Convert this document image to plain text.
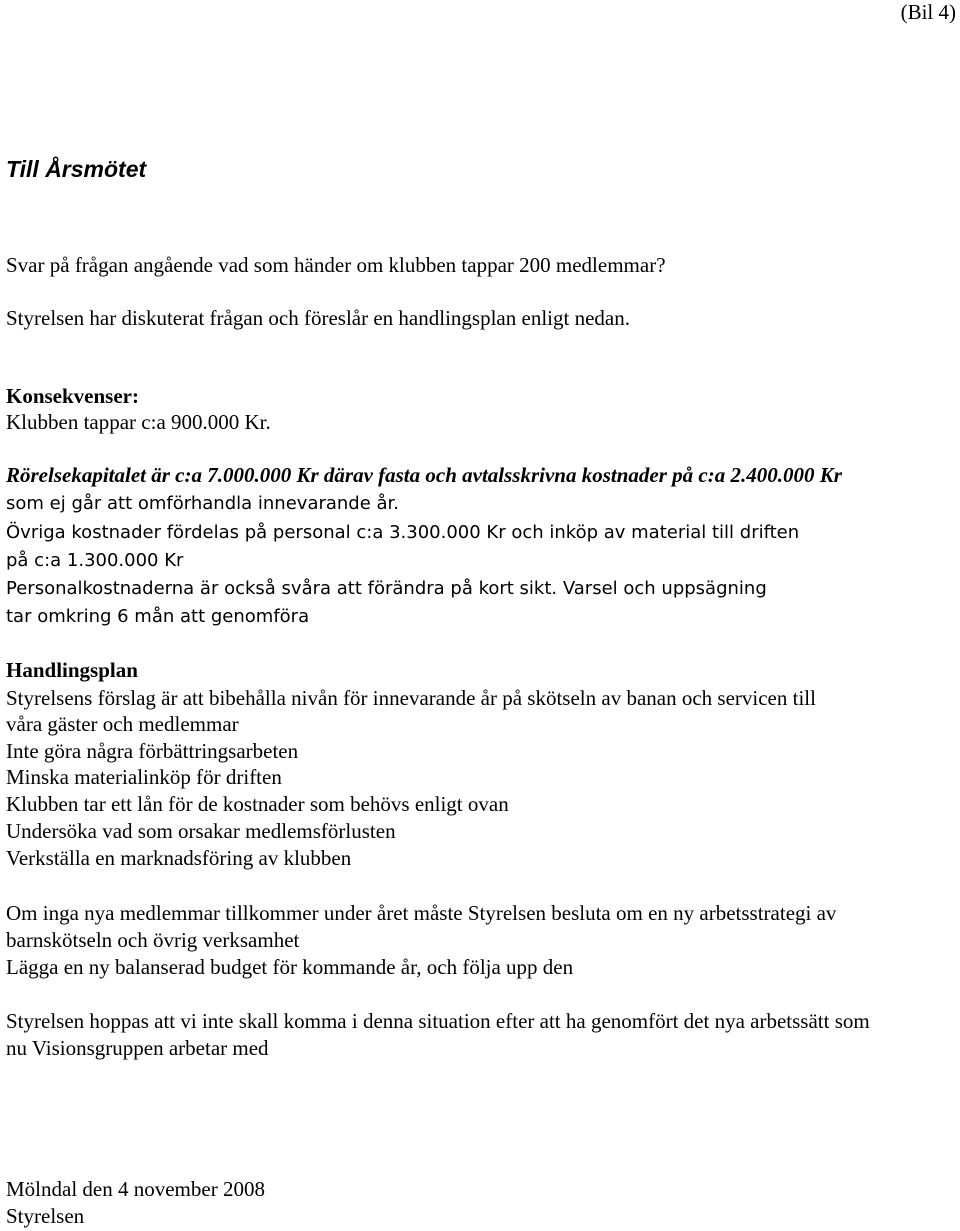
(Bil 4)
Till Årsmötet
Svar på frågan angående vad som händer om klubben tappar 200 medlemmar?
Styrelsen har diskuterat frågan och föreslår en handlingsplan enligt nedan.
Konsekvenser:
Klubben tappar c:a 900.000 Kr.
Rörelsekapitalet är c:a 7.000.000 Kr därav fasta och avtalsskrivna kostnader på c:a 2.400.000 Kr
som ej går att omförhandla innevarande år.
Övriga kostnader fördelas på personal c:a 3.300.000 Kr och inköp av material till driften
på c:a 1.300.000 Kr
Personalkostnaderna är också svåra att förändra på kort sikt. Varsel och uppsägning
tar omkring 6 mån att genomföra
Handlingsplan
Styrelsens förslag är att bibehålla nivån för innevarande år på skötseln av banan och servicen till
våra gäster och medlemmar
Inte göra några förbättringsarbeten
Minska materialinköp för driften
Klubben tar ett lån för de kostnader som behövs enligt ovan
Undersöka vad som orsakar medlemsförlusten
Verkställa en marknadsföring av klubben
Om inga nya medlemmar tillkommer under året måste Styrelsen besluta om en ny arbetsstrategi av
barnskötseln och övrig verksamhet
Lägga en ny balanserad budget för kommande år, och följa upp den
Styrelsen hoppas att vi inte skall komma i denna situation efter att ha genomfört det nya arbetssätt som
nu Visionsgruppen arbetar med
Mölndal den 4 november 2008
Styrelsen
